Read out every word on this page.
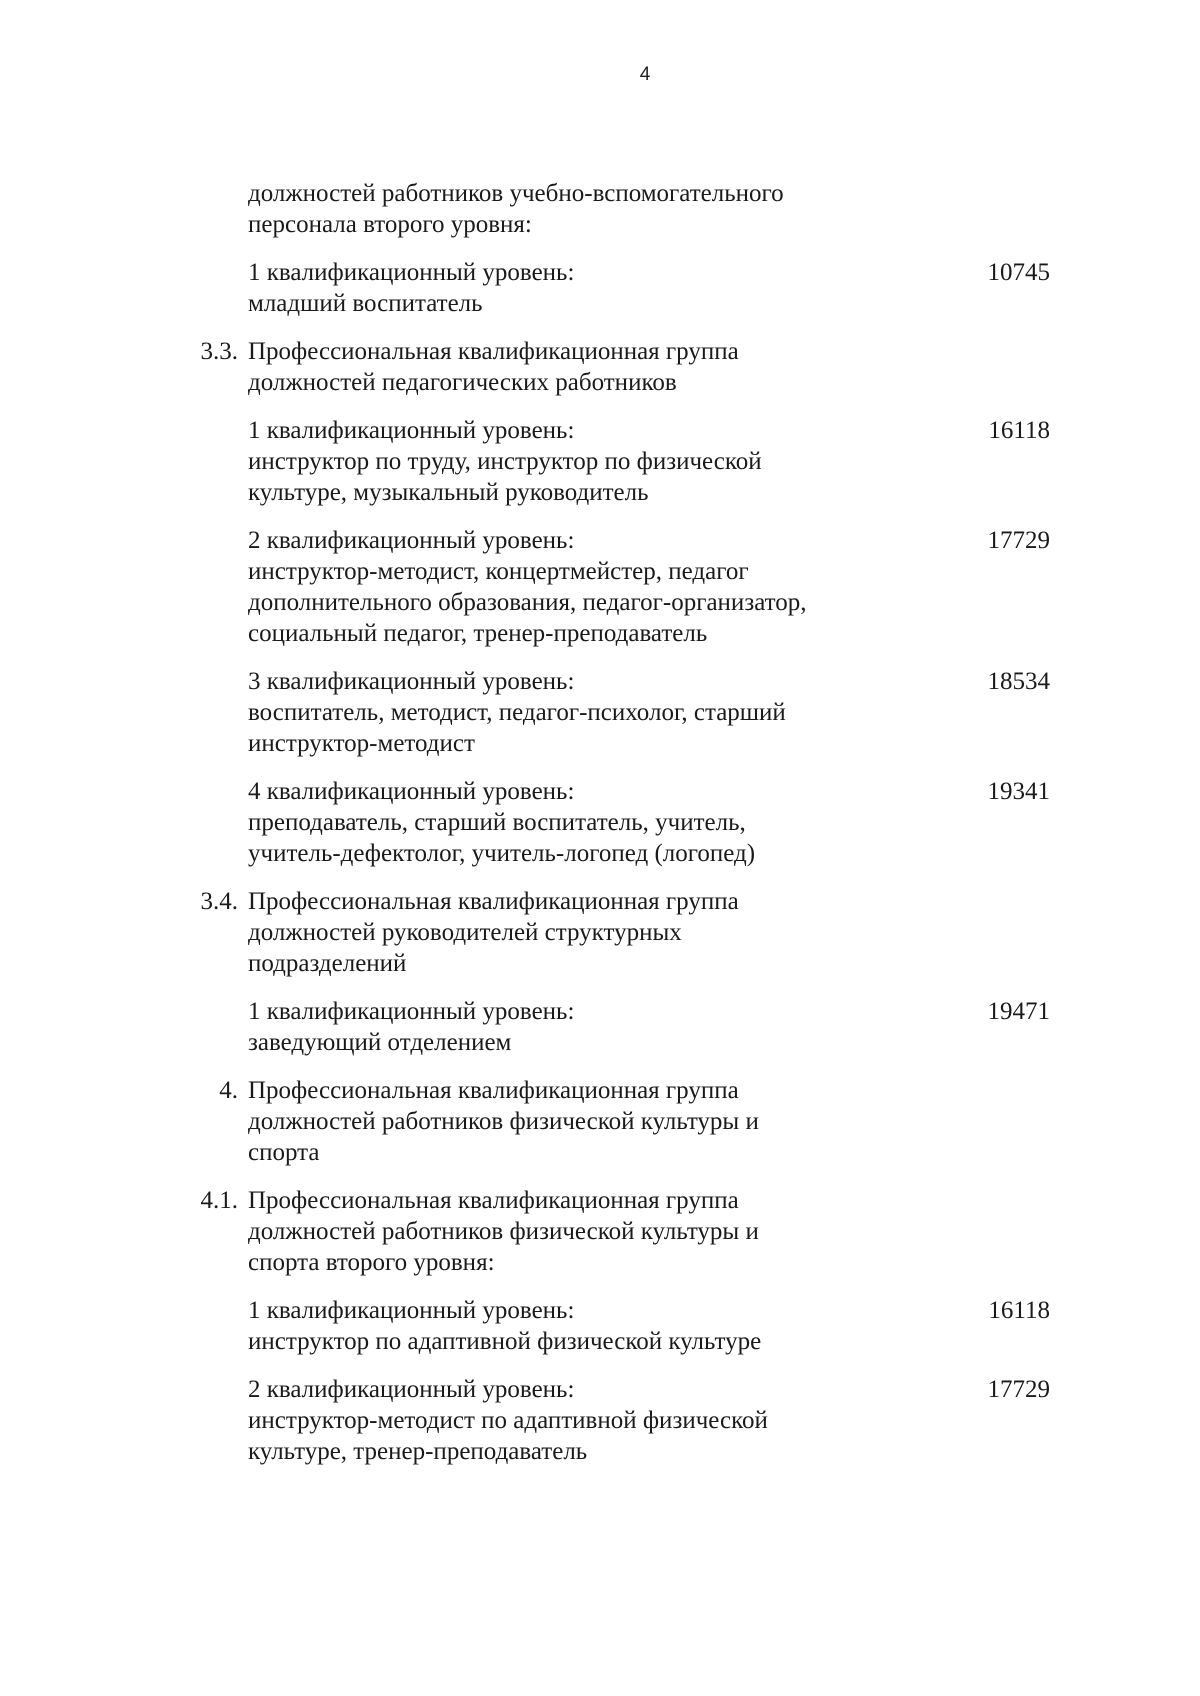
4
должностей работников учебно-вспомогательного
персонала второго уровня:
1 квалификационный уровень:
младший воспитатель
10745
3.3. Профессиональная квалификационная группа
должностей педагогических работников
1 квалификационный уровень:
инструктор по труду, инструктор по физической
культуре, музыкальный руководитель
16118
2 квалификационный уровень:
инструктор-методист, концертмейстер, педагог
дополнительного образования, педагог-организатор,
социальный педагог, тренер-преподаватель
17729
3 квалификационный уровень:
воспитатель, методист, педагог-психолог, старший
инструктор-методист
18534
4 квалификационный уровень:
преподаватель, старший воспитатель, учитель,
учитель-дефектолог, учитель-логопед (логопед)
19341
3.4. Профессиональная квалификационная группа
должностей руководителей структурных
подразделений
1 квалификационный уровень:
заведующий отделением
19471
4. Профессиональная квалификационная группа
должностей работников физической культуры и
спорта
4.1. Профессиональная квалификационная группа
должностей работников физической культуры и
спорта второго уровня:
1 квалификационный уровень:
инструктор по адаптивной физической культуре
16118
2 квалификационный уровень:
инструктор-методист по адаптивной физической
культуре, тренер-преподаватель
17729
